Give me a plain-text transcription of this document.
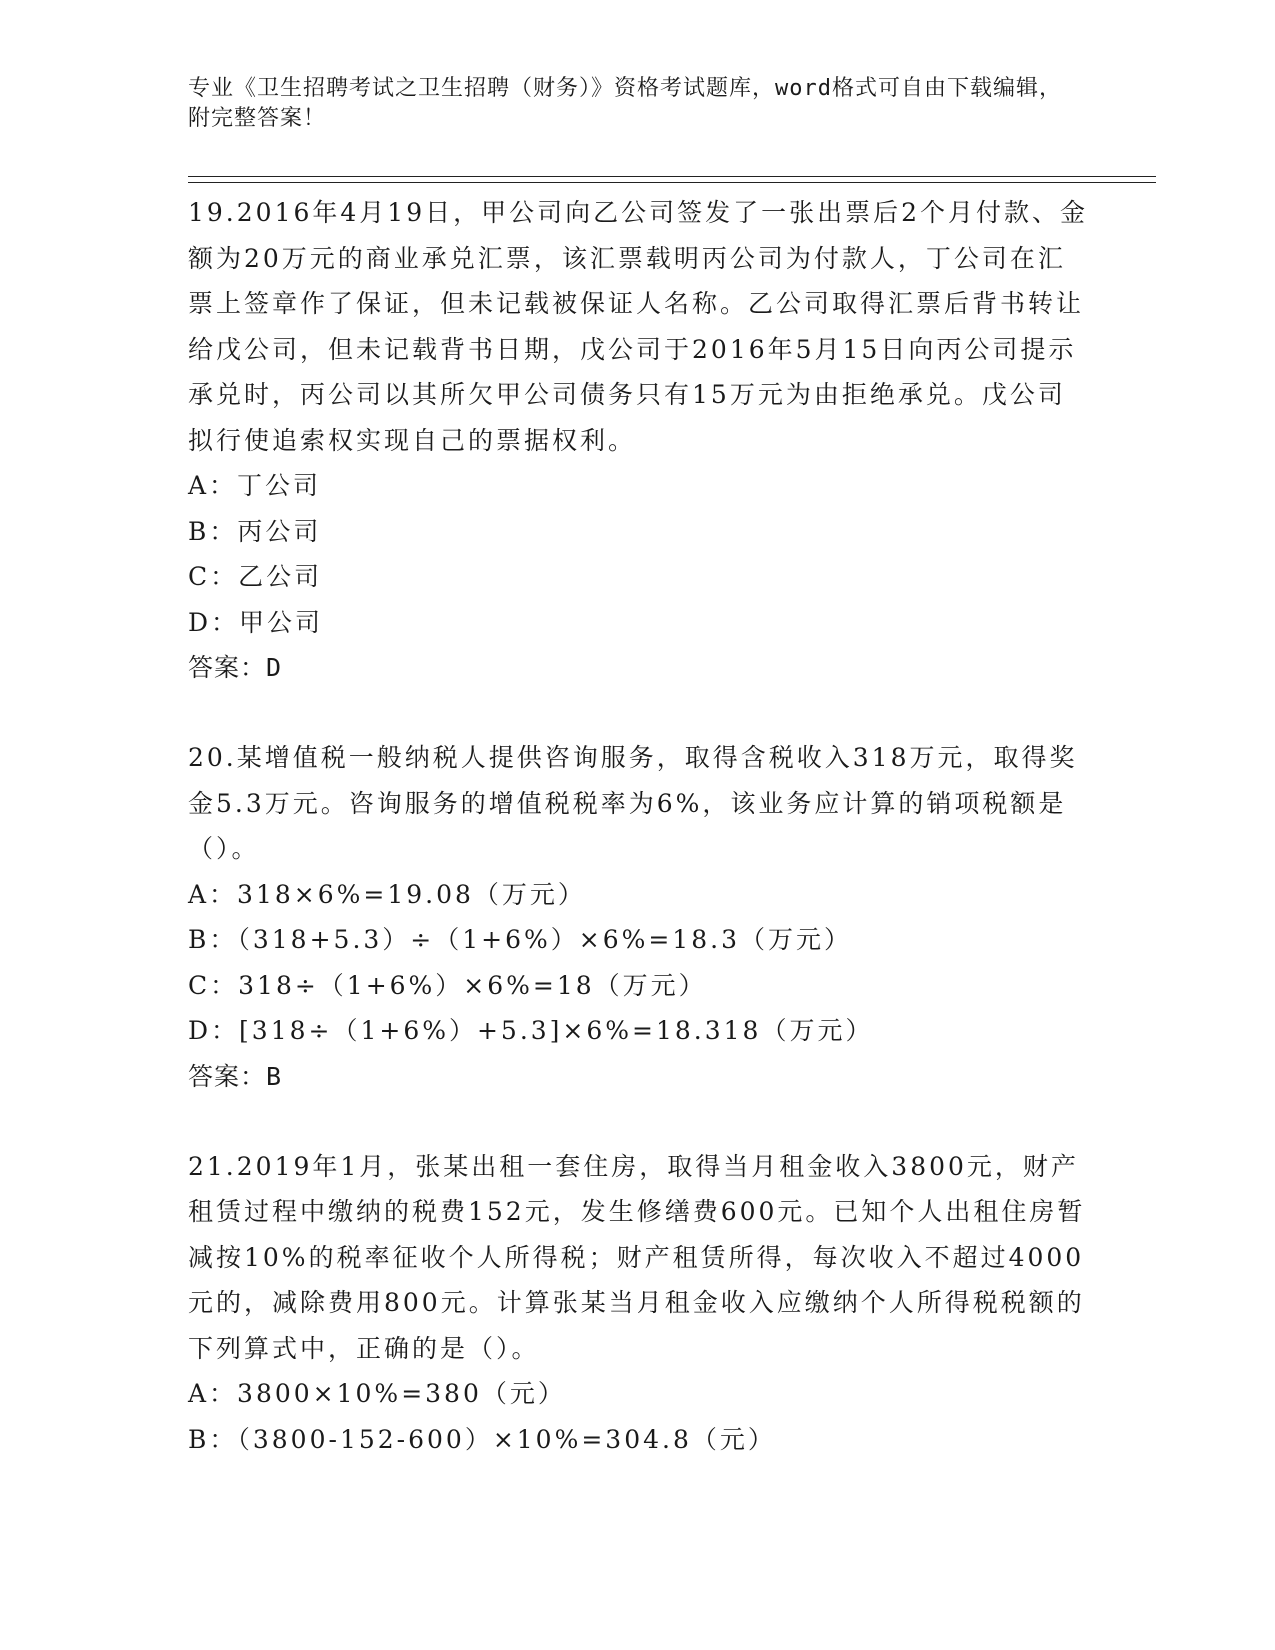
专业《卫生招聘考试之卫生招聘（财务）》资格考试题库，word格式可自由下载编辑，附完整答案！

19.2016年4月19日，甲公司向乙公司签发了一张出票后2个月付款、金额为20万元的商业承兑汇票，该汇票载明丙公司为付款人，丁公司在汇票上签章作了保证，但未记载被保证人名称。乙公司取得汇票后背书转让给戊公司，但未记载背书日期，戊公司于2016年5月15日向丙公司提示承兑时，丙公司以其所欠甲公司债务只有15万元为由拒绝承兑。戊公司拟行使追索权实现自己的票据权利。

A：丁公司

B：丙公司

C：乙公司

D：甲公司

答案：D

20.某增值税一般纳税人提供咨询服务，取得含税收入318万元，取得奖金5.3万元。咨询服务的增值税税率为6%，该业务应计算的销项税额是（）。

A：318×6%=19.08（万元）

B：（318+5.3）÷（1+6%）×6%=18.3（万元）

C：318÷（1+6%）×6%=18（万元）

D：[318÷（1+6%）+5.3]×6%=18.318（万元）

答案：B

21.2019年1月，张某出租一套住房，取得当月租金收入3800元，财产租赁过程中缴纳的税费152元，发生修缮费600元。已知个人出租住房暂减按10%的税率征收个人所得税；财产租赁所得，每次收入不超过4000元的，减除费用800元。计算张某当月租金收入应缴纳个人所得税税额的下列算式中，正确的是（）。

A：3800×10%=380（元）

B：（3800-152-600）×10%=304.8（元）
